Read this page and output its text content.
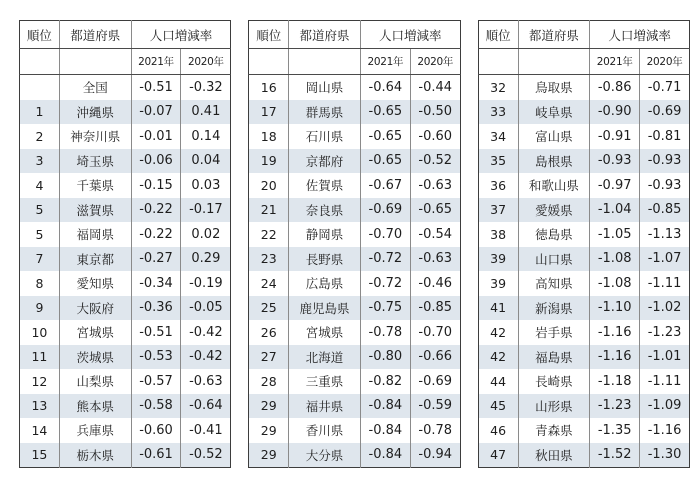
順位	都道府県	人口増減率	
		2021年	2020年
	全国	-0.51	-0.32
1	沖縄県	-0.07	0.41
2	神奈川県	-0.01	0.14
3	埼玉県	-0.06	0.04
4	千葉県	-0.15	0.03
5	滋賀県	-0.22	-0.17
5	福岡県	-0.22	0.02
7	東京都	-0.27	0.29
8	愛知県	-0.34	-0.19
9	大阪府	-0.36	-0.05
10	宮城県	-0.51	-0.42
11	茨城県	-0.53	-0.42
12	山梨県	-0.57	-0.63
13	熊本県	-0.58	-0.64
14	兵庫県	-0.60	-0.41
15	栃木県	-0.61	-0.52
順位	都道府県	人口増減率	
		2021年	2020年
16	岡山県	-0.64	-0.44
17	群馬県	-0.65	-0.50
18	石川県	-0.65	-0.60
19	京都府	-0.65	-0.52
20	佐賀県	-0.67	-0.63
21	奈良県	-0.69	-0.65
22	静岡県	-0.70	-0.54
23	長野県	-0.72	-0.63
24	広島県	-0.72	-0.46
25	鹿児島県	-0.75	-0.85
26	宮城県	-0.78	-0.70
27	北海道	-0.80	-0.66
28	三重県	-0.82	-0.69
29	福井県	-0.84	-0.59
29	香川県	-0.84	-0.78
29	大分県	-0.84	-0.94
順位	都道府県	人口増減率	
		2021年	2020年
32	鳥取県	-0.86	-0.71
33	岐阜県	-0.90	-0.69
34	富山県	-0.91	-0.81
35	島根県	-0.93	-0.93
36	和歌山県	-0.97	-0.93
37	愛媛県	-1.04	-0.85
38	徳島県	-1.05	-1.13
39	山口県	-1.08	-1.07
39	高知県	-1.08	-1.11
41	新潟県	-1.10	-1.02
42	岩手県	-1.16	-1.23
42	福島県	-1.16	-1.01
44	長崎県	-1.18	-1.11
45	山形県	-1.23	-1.09
46	青森県	-1.35	-1.16
47	秋田県	-1.52	-1.30
